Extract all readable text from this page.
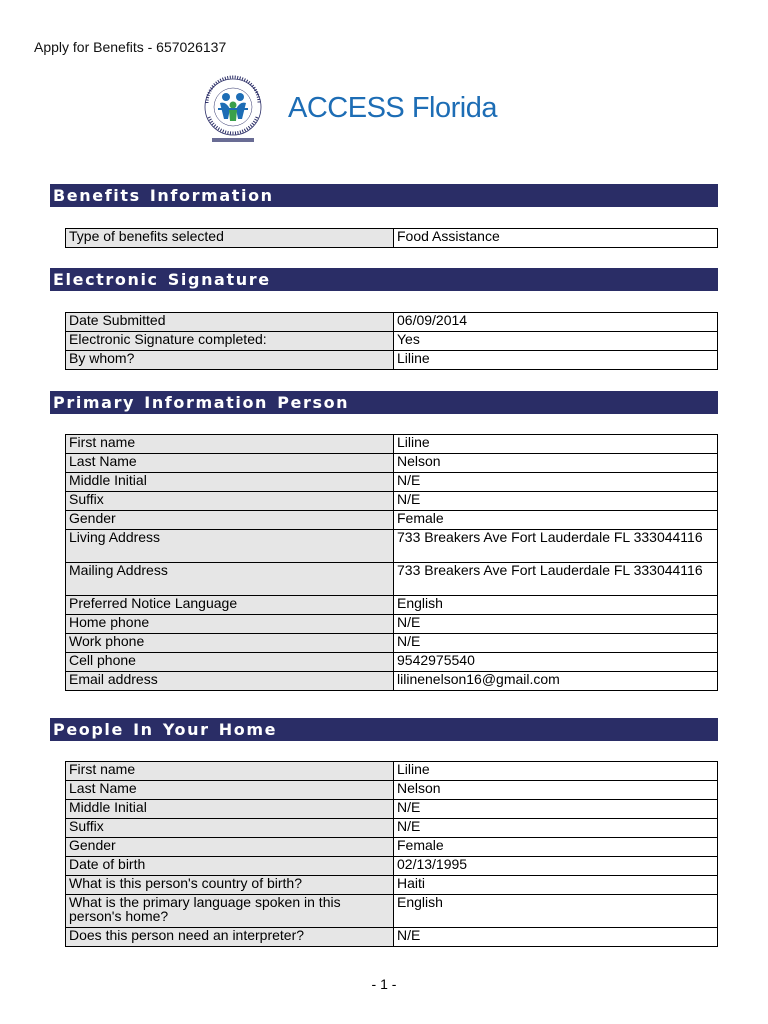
Apply for Benefits - 657026137
ACCESS Florida
Benefits Information
Type of benefits selected	Food Assistance
Electronic Signature
Date Submitted	06/09/2014
Electronic Signature completed:	Yes
By whom?	Liline
Primary Information Person
First name	Liline
Last Name	Nelson
Middle Initial	N/E
Suffix	N/E
Gender	Female
Living Address	733 Breakers Ave Fort Lauderdale FL 333044116
Mailing Address	733 Breakers Ave Fort Lauderdale FL 333044116
Preferred Notice Language	English
Home phone	N/E
Work phone	N/E
Cell phone	9542975540
Email address	lilinenelson16@gmail.com
People In Your Home
First name	Liline
Last Name	Nelson
Middle Initial	N/E
Suffix	N/E
Gender	Female
Date of birth	02/13/1995
What is this person's country of birth?	Haiti
What is the primary language spoken in this person's home?	English
Does this person need an interpreter?	N/E
- 1 -
